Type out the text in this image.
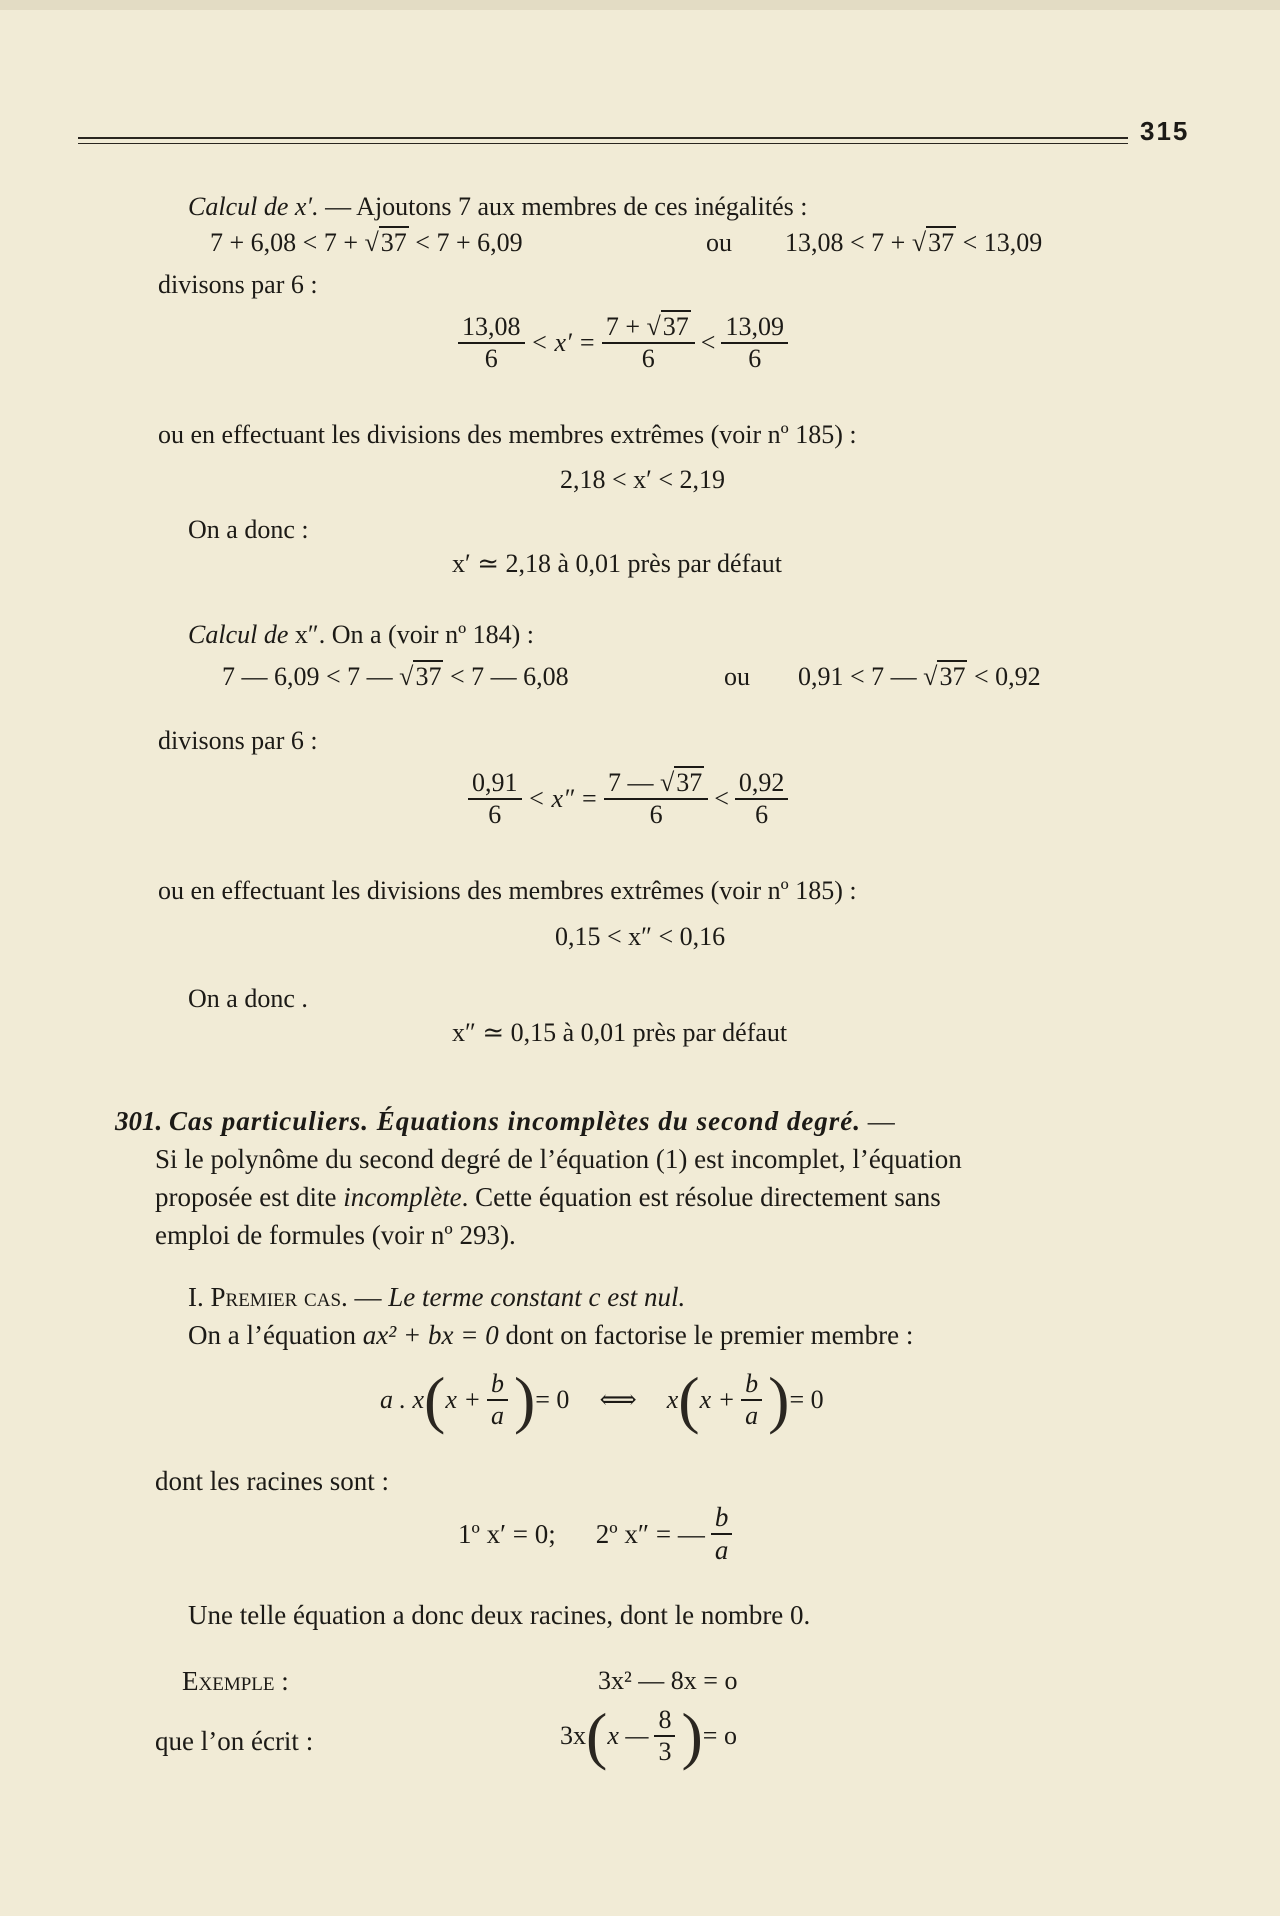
315
Calcul de x′. — Ajoutons 7 aux membres de ces inégalités :
7 + 6,08 < 7 + √37 < 7 + 6,09	ou 13,08 < 7 + √37 < 13,09
divisons par 6 :
$\frac{13,08}{6} < x' = \frac{7 + √37}{6} < \frac{13,09}{6}$
ou en effectuant les divisions des membres extrêmes (voir nº 185) :
2,18 < x′ < 2,19
On a donc :
x′ ≃ 2,18 à 0,01 près par défaut
Calcul de x″. On a (voir nº 184) :
7 — 6,09 < 7 — √37 < 7 — 6,08	ou 0,91 < 7 — √37 < 0,92
divisons par 6 :
$\frac{0,91}{6} < x'' = \frac{7 — √37}{6} < \frac{0,92}{6}$
ou en effectuant les divisions des membres extrêmes (voir nº 185) :
0,15 < x″ < 0,16
On a donc .
x″ ≃ 0,15 à 0,01 près par défaut
301. Cas particuliers. Équations incomplètes du second degré. —
Si le polynôme du second degré de l’équation (1) est incomplet, l’équation
proposée est dite incomplète. Cette équation est résolue directement sans
emploi de formules (voir nº 293).
I. Premier cas. — Le terme constant c est nul.
On a l’équation ax² + bx = 0 dont on factorise le premier membre :
a . x ( $x + \frac{b}{a}$ ) = 0 ⟺ x ( $x + \frac{b}{a}$ ) = 0
dont les racines sont :
1º x′ = 0; 2º x″ = — $\frac{b}{a}$
Une telle équation a donc deux racines, dont le nombre 0.
Exemple :	3x² — 8x = o
que l’on écrit :	3x ( x — $\frac{8}{3}$ ) = o
